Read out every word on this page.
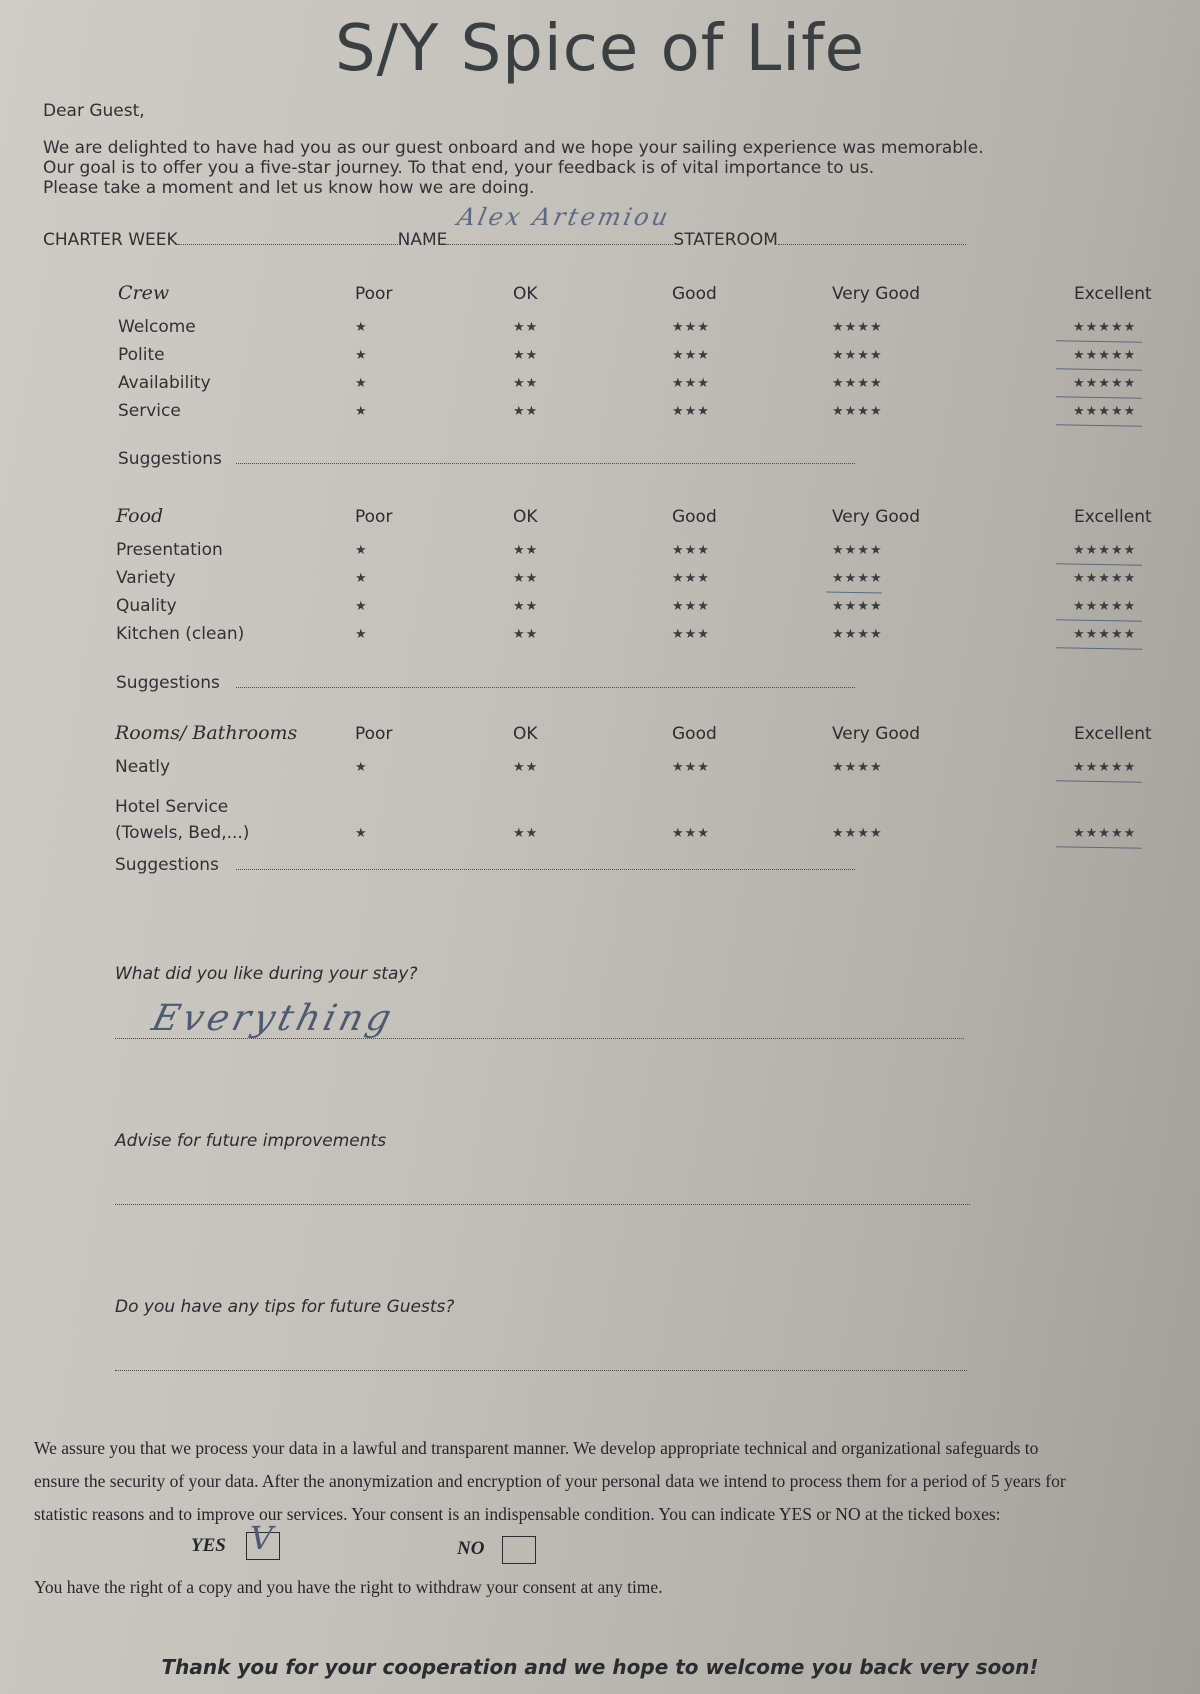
S/Y Spice of Life
Dear Guest,
We are delighted to have had you as our guest onboard and we hope your sailing experience was memorable.
Our goal is to offer you a five-star journey. To that end, your feedback is of vital importance to us.
Please take a moment and let us know how we are doing.
CHARTER WEEK	NAME	STATEROOM
Alex Artemiou
Crew	Poor	OK	Good	Very Good	Excellent
Welcome	★	★★	★★★	★★★★	★★★★★
Polite	★	★★	★★★	★★★★	★★★★★
Availability	★	★★	★★★	★★★★	★★★★★
Service	★	★★	★★★	★★★★	★★★★★
Suggestions
Food	Poor	OK	Good	Very Good	Excellent
Presentation	★	★★	★★★	★★★★	★★★★★
Variety	★	★★	★★★	★★★★	★★★★★
Quality	★	★★	★★★	★★★★	★★★★★
Kitchen (clean)	★	★★	★★★	★★★★	★★★★★
Suggestions
Rooms/ Bathrooms	Poor	OK	Good	Very Good	Excellent
Neatly	★	★★	★★★	★★★★	★★★★★
Hotel Service
(Towels, Bed,...)	★	★★	★★★	★★★★	★★★★★
Suggestions
What did you like during your stay?
Advise for future improvements
Do you have any tips for future Guests?
Everything
We assure you that we process your data in a lawful and transparent manner. We develop appropriate technical and organizational safeguards to
ensure the security of your data. After the anonymization and encryption of your personal data we intend to process them for a period of 5 years for
statistic reasons and to improve our services. Your consent is an indispensable condition. You can indicate YES or NO at the ticked boxes:
YES V	NO
You have the right of a copy and you have the right to withdraw your consent at any time.
Thank you for your cooperation and we hope to welcome you back very soon!
